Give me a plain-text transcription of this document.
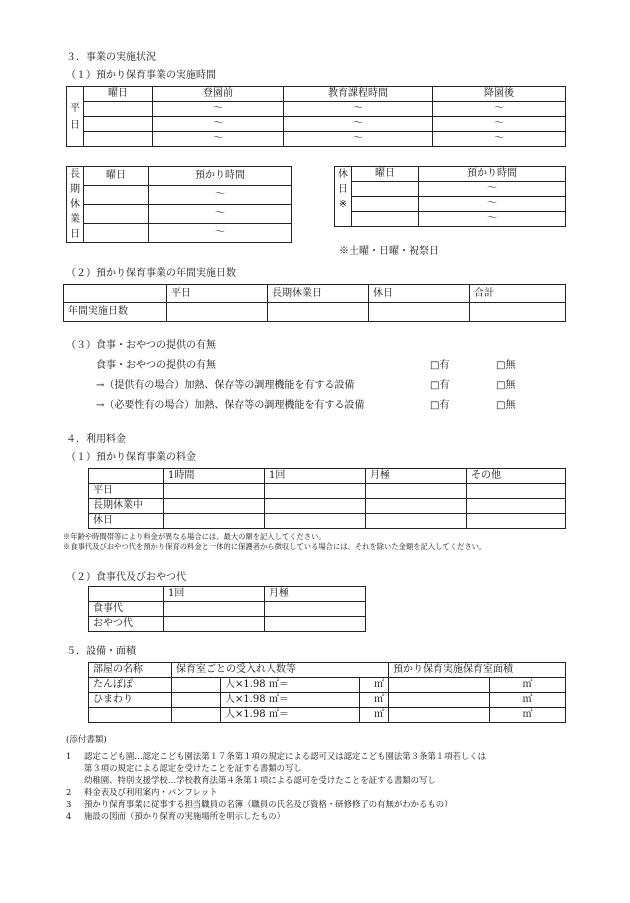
３．事業の実施状況
（１）預かり保育事業の実施時間
平
日	曜日	登園前	教育課程時間	降園後
		～	～	～
		～	～	～
		～	～	～
長
期
休
業
日	曜日	預かり時間
		～
		～
		～
休
日
※	曜日	預かり時間
		～
		～
		～
※土曜・日曜・祝祭日
（２）預かり保育事業の年間実施日数
	平日	長期休業日	休日	合計
年間実施日数				
（３）食事・おやつの提供の有無
食事・おやつの提供の有無	□有	□無
→（提供有の場合）加熱、保存等の調理機能を有する設備	□有	□無
→（必要性有の場合）加熱、保存等の調理機能を有する設備	□有	□無
４．利用料金
（１）預かり保育事業の料金
	1時間	1回	月極	その他
平日				
長期休業中				
休日				
※年齢や時間帯等により料金が異なる場合には、最大の額を記入してください。
※食事代及びおやつ代を預かり保育の料金と一体的に保護者から徴収している場合には、それを除いた金額を記入してください。
（２）食事代及びおやつ代
	1回	月極
食事代		
おやつ代		
５．設備・面積
部屋の名称	保育室ごとの受入れ人数等			預かり保育実施保育室面積	
たんぽぽ		人×1.98 ㎡＝	㎡		㎡
ひまわり		人×1.98 ㎡＝	㎡		㎡
		人×1.98 ㎡＝	㎡		㎡
(添付書類)
1 認定こども園…認定こども園法第１７条第１項の規定による認可又は認定こども園法第３条第１項若しくは
第３項の規定による認定を受けたことを証する書類の写し
幼稚園、特別支援学校…学校教育法第４条第１項による認可を受けたことを証する書類の写し
2 料金表及び利用案内・パンフレット
3 預かり保育事業に従事する担当職員の名簿（職員の氏名及び資格・研修修了の有無がわかるもの）
4 施設の図面（預かり保育の実施場所を明示したもの）
